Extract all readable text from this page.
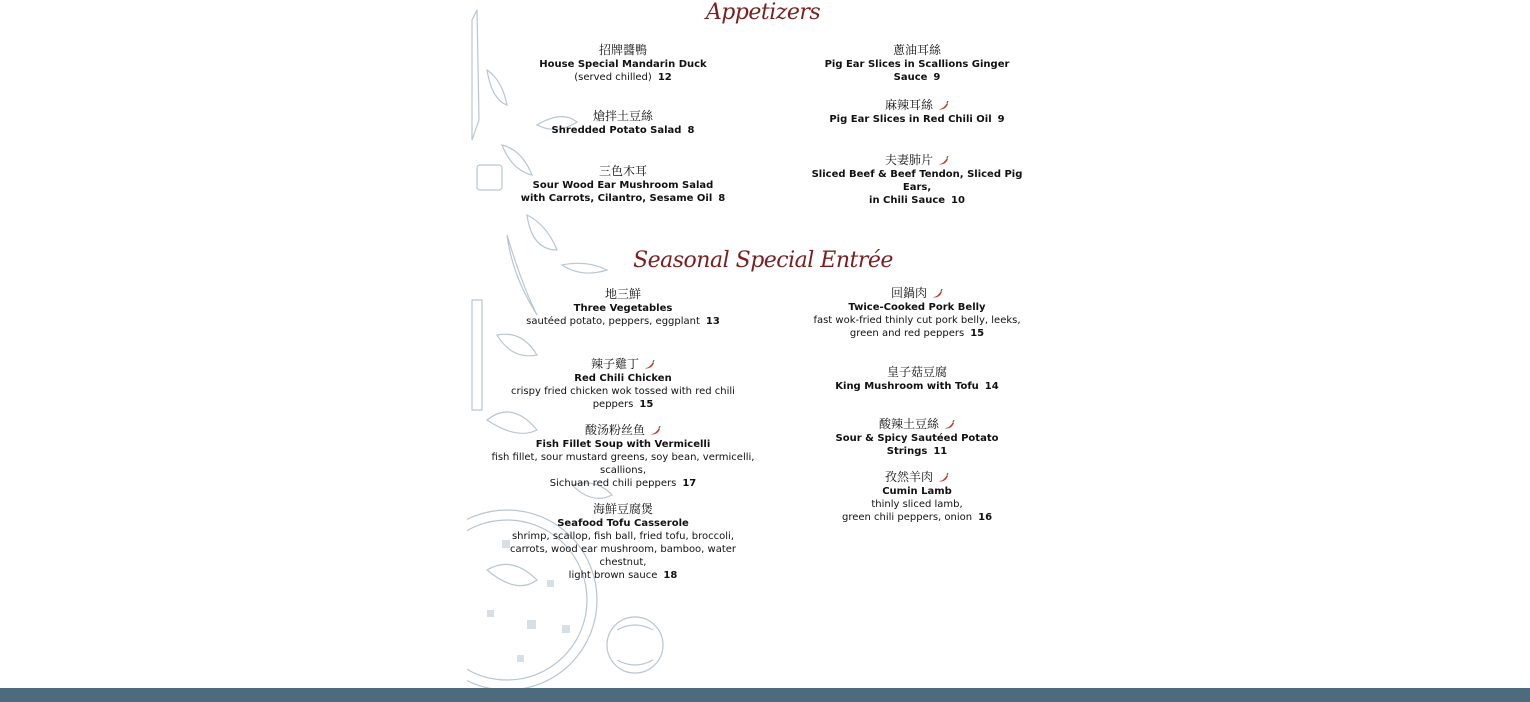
Appetizers
招牌醬鴨
House Special Mandarin Duck
(served chilled) 12
熗拌土豆絲
Shredded Potato Salad 8
三色木耳
Sour Wood Ear Mushroom Salad
with Carrots, Cilantro, Sesame Oil 8
蔥油耳絲
Pig Ear Slices in Scallions Ginger Sauce 9
麻辣耳絲
Pig Ear Slices in Red Chili Oil 9
夫妻肺片
Sliced Beef & Beef Tendon, Sliced Pig Ears,
in Chili Sauce 10
Seasonal Special Entrée
地三鮮
Three Vegetables
sautéed potato, peppers, eggplant 13
辣子雞丁
Red Chili Chicken
crispy fried chicken wok tossed with red chili peppers 15
酸汤粉丝鱼
Fish Fillet Soup with Vermicelli
fish fillet, sour mustard greens, soy bean, vermicelli, scallions,
Sichuan red chili peppers 17
海鮮豆腐煲
Seafood Tofu Casserole
shrimp, scallop, fish ball, fried tofu, broccoli,
carrots, wood ear mushroom, bamboo, water chestnut,
light brown sauce 18
回鍋肉
Twice-Cooked Pork Belly
fast wok-fried thinly cut pork belly, leeks,
green and red peppers 15
皇子菇豆腐
King Mushroom with Tofu 14
酸辣土豆絲
Sour & Spicy Sautéed Potato Strings 11
孜然羊肉
Cumin Lamb
thinly sliced lamb,
green chili peppers, onion 16
